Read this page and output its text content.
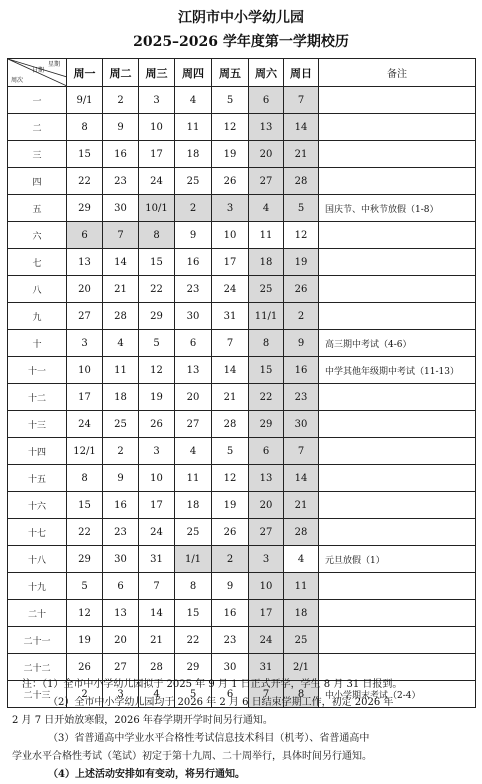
江阴市中小学幼儿园
2025–2026 学年度第一学期校历
星期
日期
周次	周一	周二	周三	周四	周五	周六	周日	备注
一	9/1	2	3	4	5	6	7	
二	8	9	10	11	12	13	14	
三	15	16	17	18	19	20	21	
四	22	23	24	25	26	27	28	
五	29	30	10/1	2	3	4	5	国庆节、中秋节放假（1-8）
六	6	7	8	9	10	11	12	
七	13	14	15	16	17	18	19	
八	20	21	22	23	24	25	26	
九	27	28	29	30	31	11/1	2	
十	3	4	5	6	7	8	9	高三期中考试（4-6）
十一	10	11	12	13	14	15	16	中学其他年级期中考试（11-13）
十二	17	18	19	20	21	22	23	
十三	24	25	26	27	28	29	30	
十四	12/1	2	3	4	5	6	7	
十五	8	9	10	11	12	13	14	
十六	15	16	17	18	19	20	21	
十七	22	23	24	25	26	27	28	
十八	29	30	31	1/1	2	3	4	元旦放假（1）
十九	5	6	7	8	9	10	11	
二十	12	13	14	15	16	17	18	
二十一	19	20	21	22	23	24	25	
二十二	26	27	28	29	30	31	2/1	
二十三	2	3	4	5	6	7	8	中小学期末考试（2-4）

注：（1）全市中小学幼儿园拟于 2025 年 9 月 1 日正式开学，学生 8 月 31 日报到。

（2）全市中小学幼儿园均于 2026 年 2 月 6 日结束学期工作，初定 2026 年

2 月 7 日开始放寒假，2026 年春学期开学时间另行通知。

（3）省普通高中学业水平合格性考试信息技术科目（机考）、省普通高中

学业水平合格性考试（笔试）初定于第十九周、二十周举行，具体时间另行通知。

（4）上述活动安排如有变动，将另行通知。
